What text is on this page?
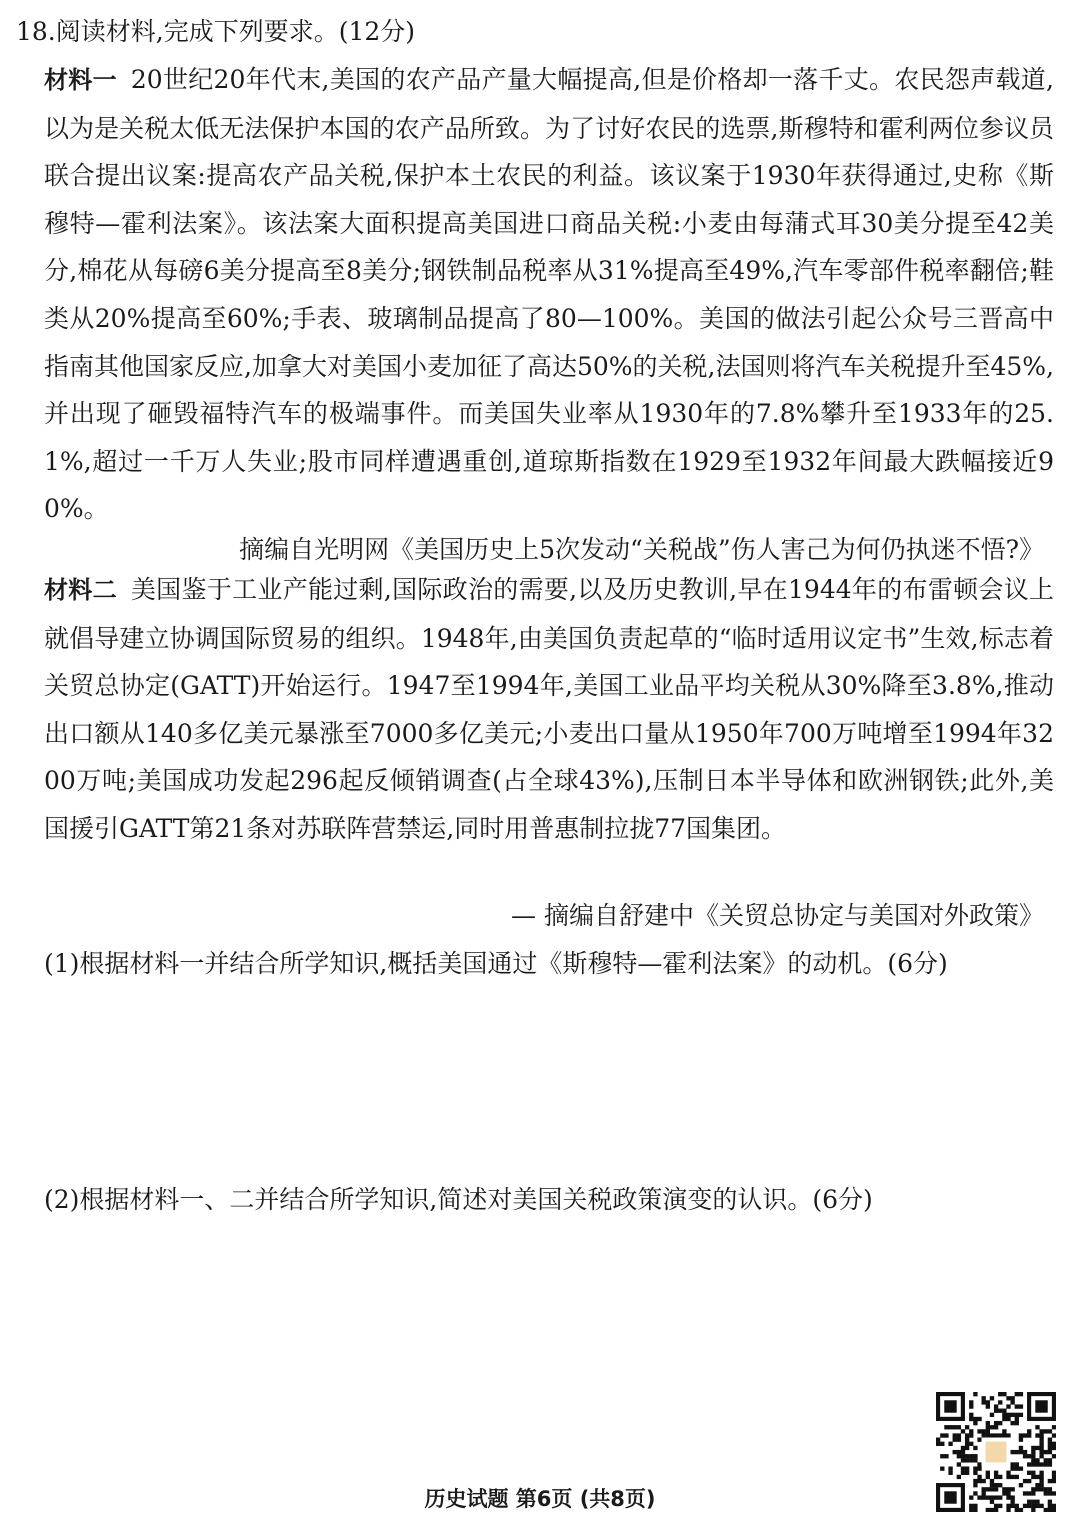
18.阅读材料,完成下列要求。(12分)
材料一 20世纪20年代末,美国的农产品产量大幅提高,但是价格却一落千丈。农民怨声载道,以为是关税太低无法保护本国的农产品所致。为了讨好农民的选票,斯穆特和霍利两位参议员联合提出议案:提高农产品关税,保护本土农民的利益。该议案于1930年获得通过,史称《斯穆特—霍利法案》。该法案大面积提高美国进口商品关税:小麦由每蒲式耳30美分提至42美分,棉花从每磅6美分提高至8美分;钢铁制品税率从31%提高至49%,汽车零部件税率翻倍;鞋类从20%提高至60%;手表、玻璃制品提高了80—100%。美国的做法引起公众号三晋高中指南其他国家反应,加拿大对美国小麦加征了高达50%的关税,法国则将汽车关税提升至45%,并出现了砸毁福特汽车的极端事件。而美国失业率从1930年的7.8%攀升至1933年的25.1%,超过一千万人失业;股市同样遭遇重创,道琼斯指数在1929至1932年间最大跌幅接近90%。
摘编自光明网《美国历史上5次发动“关税战”伤人害己为何仍执迷不悟?》
材料二 美国鉴于工业产能过剩,国际政治的需要,以及历史教训,早在1944年的布雷顿会议上就倡导建立协调国际贸易的组织。1948年,由美国负责起草的“临时适用议定书”生效,标志着关贸总协定(GATT)开始运行。1947至1994年,美国工业品平均关税从30%降至3.8%,推动出口额从140多亿美元暴涨至7000多亿美元;小麦出口量从1950年700万吨增至1994年3200万吨;美国成功发起296起反倾销调查(占全球43%),压制日本半导体和欧洲钢铁;此外,美国援引GATT第21条对苏联阵营禁运,同时用普惠制拉拢77国集团。
— 摘编自舒建中《关贸总协定与美国对外政策》
(1)根据材料一并结合所学知识,概括美国通过《斯穆特—霍利法案》的动机。(6分)
(2)根据材料一、二并结合所学知识,简述对美国关税政策演变的认识。(6分)
历史试题 第6页 (共8页)
